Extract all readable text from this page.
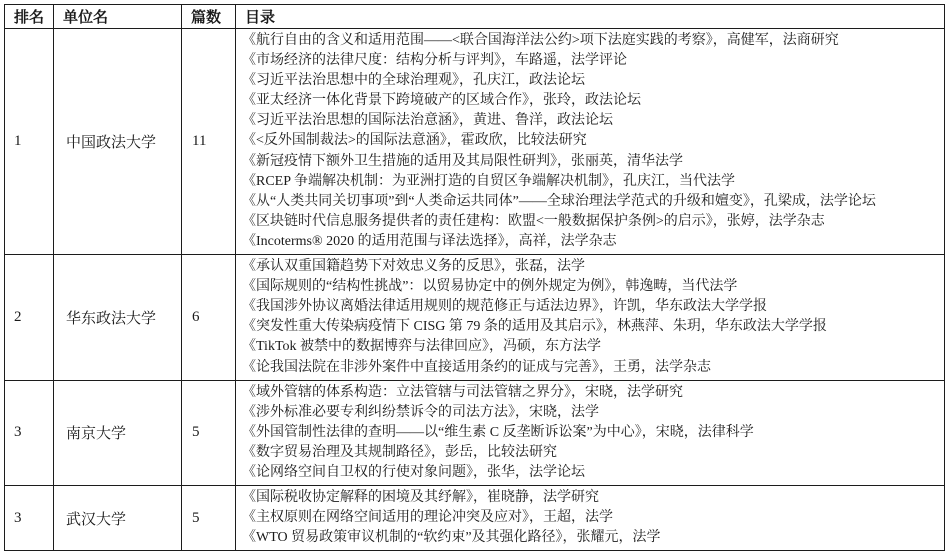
排名	单位名	篇数	目录
1	中国政法大学	11	
《航行自由的含义和适用范围——<联合国海洋法公约>项下法庭实践的考察》，高健军，法商研究
《市场经济的法律尺度：结构分析与评判》，车路遥，法学评论
《习近平法治思想中的全球治理观》，孔庆江，政法论坛
《亚太经济一体化背景下跨境破产的区域合作》，张玲，政法论坛
《习近平法治思想的国际法治意涵》，黄进、鲁洋，政法论坛
《<反外国制裁法>的国际法意涵》，霍政欣，比较法研究
《新冠疫情下额外卫生措施的适用及其局限性研判》，张丽英，清华法学
《RCEP 争端解决机制：为亚洲打造的自贸区争端解决机制》，孔庆江，当代法学
《从“人类共同关切事项”到“人类命运共同体”——全球治理法学范式的升级和嬗变》，孔梁成，法学论坛
《区块链时代信息服务提供者的责任建构：欧盟<一般数据保护条例>的启示》，张婷，法学杂志
《Incoterms® 2020 的适用范围与译法选择》，高祥，法学杂志

2	华东政法大学	6	
《承认双重国籍趋势下对效忠义务的反思》，张磊，法学
《国际规则的“结构性挑战”：以贸易协定中的例外规定为例》，韩逸畴，当代法学
《我国涉外协议离婚法律适用规则的规范修正与适法边界》，许凯，华东政法大学学报
《突发性重大传染病疫情下 CISG 第 79 条的适用及其启示》，林燕萍、朱玥，华东政法大学学报
《TikTok 被禁中的数据博弈与法律回应》，冯硕，东方法学
《论我国法院在非涉外案件中直接适用条约的证成与完善》，王勇，法学杂志

3	南京大学	5	《域外管辖的体系构造：立法管辖与司法管辖之界分》，宋晓，法学研究
《涉外标准必要专利纠纷禁诉令的司法方法》，宋晓，法学
《外国管制性法律的查明——以“维生素 C 反垄断诉讼案”为中心》，宋晓，法律科学
《数字贸易治理及其规制路径》，彭岳，比较法研究
《论网络空间自卫权的行使对象问题》，张华，法学论坛

3	武汉大学	5	《国际税收协定解释的困境及其纾解》，崔晓静，法学研究
《主权原则在网络空间适用的理论冲突及应对》，王超，法学
《WTO 贸易政策审议机制的“软约束”及其强化路径》，张耀元，法学
